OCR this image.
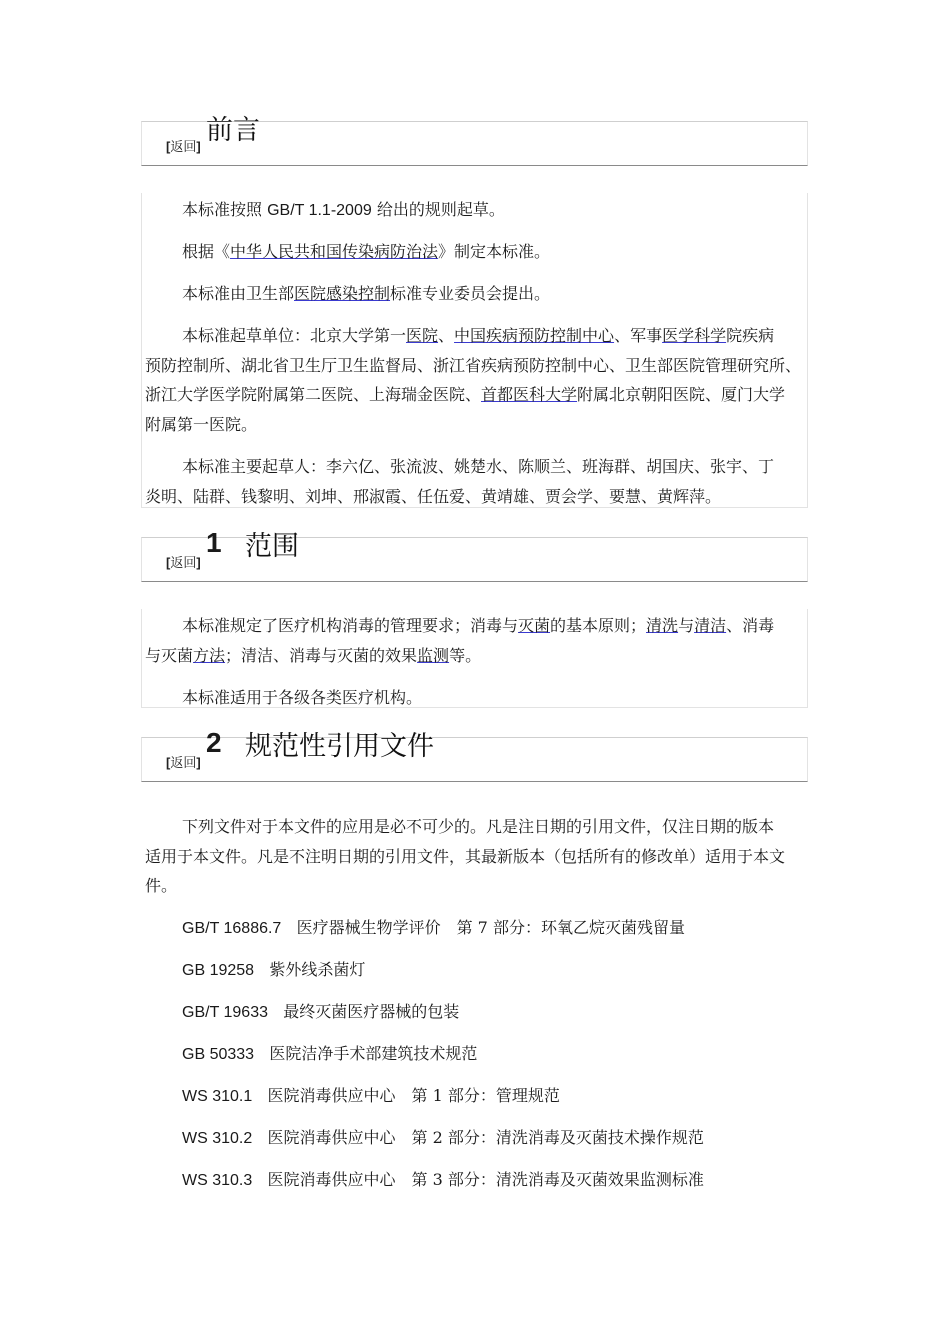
[返回]
前言
本标准按照 GB/T 1.1-2009 给出的规则起草。
根据《中华人民共和国传染病防治法》制定本标准。
本标准由卫生部医院感染控制标准专业委员会提出。
本标准起草单位：北京大学第一医院、中国疾病预防控制中心、军事医学科学院疾病
预防控制所、湖北省卫生厅卫生监督局、浙江省疾病预防控制中心、卫生部医院管理研究所、
浙江大学医学院附属第二医院、上海瑞金医院、首都医科大学附属北京朝阳医院、厦门大学
附属第一医院。
本标准主要起草人：李六亿、张流波、姚楚水、陈顺兰、班海群、胡国庆、张宇、丁
炎明、陆群、钱黎明、刘坤、邢淑霞、任伍爱、黄靖雄、贾会学、要慧、黄辉萍。
[返回]
1 范围
本标准规定了医疗机构消毒的管理要求；消毒与灭菌的基本原则；清洗与清洁、消毒
与灭菌方法；清洁、消毒与灭菌的效果监测等。
本标准适用于各级各类医疗机构。
[返回]
2 规范性引用文件
下列文件对于本文件的应用是必不可少的。凡是注日期的引用文件，仅注日期的版本
适用于本文件。凡是不注明日期的引用文件，其最新版本（包括所有的修改单）适用于本文
件。
GB/T 16886.7 医疗器械生物学评价　第 7 部分：环氧乙烷灭菌残留量
GB 19258 紫外线杀菌灯
GB/T 19633 最终灭菌医疗器械的包装
GB 50333 医院洁净手术部建筑技术规范
WS 310.1 医院消毒供应中心　第 1 部分：管理规范
WS 310.2 医院消毒供应中心　第 2 部分：清洗消毒及灭菌技术操作规范
WS 310.3 医院消毒供应中心　第 3 部分：清洗消毒及灭菌效果监测标准
